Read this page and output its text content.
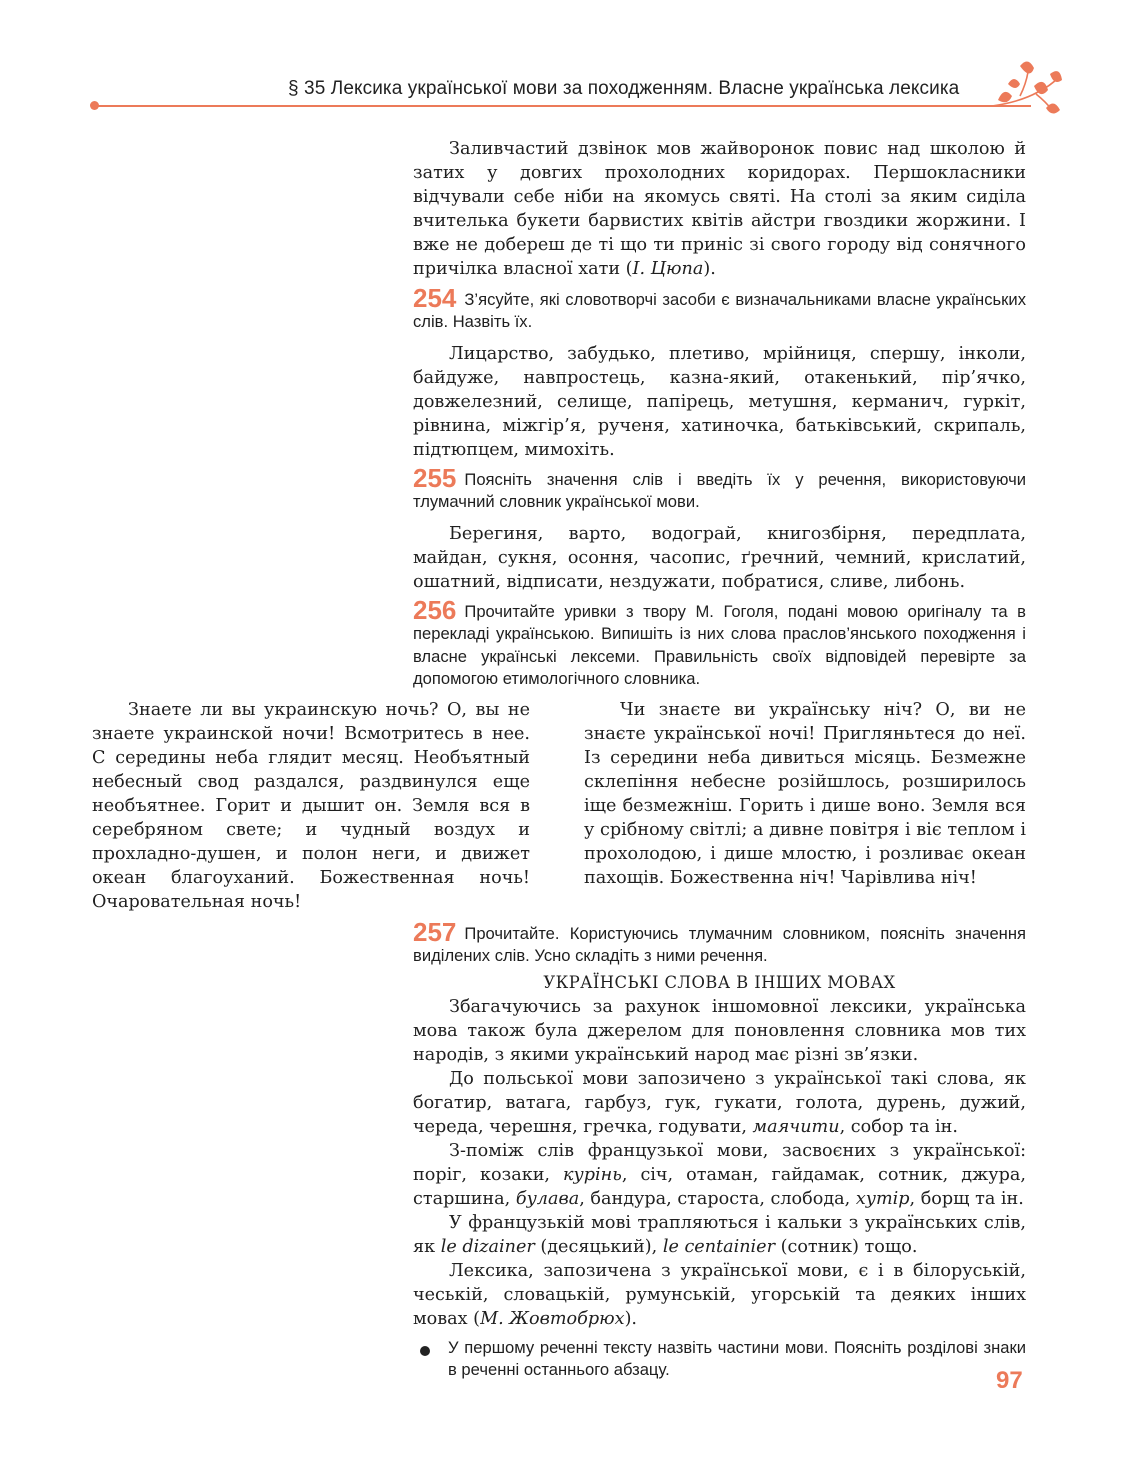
§ 35 Лексика української мови за походженням. Власне українська лексика

Заливчастий дзвінок мов жайворонок повис над школою й затих у довгих прохолодних коридорах. Першокласники відчували себе ніби на якомусь святі. На столі за яким сиділа вчителька букети барвистих квітів айстри гвоздики жоржини. І вже не добереш де ті що ти приніс зі свого городу від сонячного причілка власної хати (І. Цюпа).

254 З’ясуйте, які словотворчі засоби є визначальниками власне українських слів. Назвіть їх.

Лицарство, забудько, плетиво, мрійниця, спершу, інколи, байдуже, навпростець, казна-який, отакенький, пір’ячко, довжелезний, селище, папірець, метушня, керманич, гуркіт, рівнина, міжгір’я, рученя, хатиночка, батьківський, скрипаль, підтюпцем, мимохіть.

255 Поясніть значення слів і введіть їх у речення, використовуючи тлумачний словник української мови.

Берегиня, варто, водограй, книгозбірня, передплата, майдан, сукня, осоння, часопис, ґречний, чемний, крислатий, ошатний, відписати, нездужати, побратися, сливе, либонь.

256 Прочитайте уривки з твору М. Гоголя, подані мовою оригіналу та в перекладі українською. Випишіть із них слова праслов’янського походження і власне українські лексеми. Правильність своїх відповідей перевірте за допомогою етимологічного словника.

Знаете ли вы украинскую ночь? О, вы не знаете украинской ночи! Всмотритесь в нее. С середины неба глядит месяц. Необъятный небесный свод раздался, раздвинулся еще необъятнее. Горит и дышит он. Земля вся в серебряном свете; и чудный воздух и прохладно-душен, и полон неги, и движет океан благоуханий. Божественная ночь! Очаровательная ночь!

Чи знаєте ви українську ніч? О, ви не знаєте української ночі! Пригляньтеся до неї. Із середини неба дивиться місяць. Безмежне склепіння небесне розійшлось, розширилось іще безмежніш. Горить і дише воно. Земля вся у срібному світлі; а дивне повітря і віє теплом і прохолодою, і дише млостю, і розливає океан пахощів. Божественна ніч! Чарівлива ніч!

257 Прочитайте. Користуючись тлумачним словником, поясніть значення виділених слів. Усно складіть з ними речення.

УКРАЇНСЬКІ СЛОВА В ІНШИХ МОВАХ

Збагачуючись за рахунок іншомовної лексики, українська мова також була джерелом для поновлення словника мов тих народів, з якими український народ має різні зв’язки.

До польської мови запозичено з української такі слова, як богатир, ватага, гарбуз, гук, гукати, голота, дурень, дужий, череда, черешня, гречка, годувати, маячити, собор та ін.

З-поміж слів французької мови, засвоєних з української: поріг, козаки, курінь, січ, отаман, гайдамак, сотник, джура, старшина, булава, бандура, староста, слобода, хутір, борщ та ін.

У французькій мові трапляються і кальки з українських слів, як le dizainer (десяцький), le centainier (сотник) тощо.

Лексика, запозичена з української мови, є і в білоруській, чеській, словацькій, румунській, угорській та деяких інших мовах (М. Жовтобрюх).

У першому реченні тексту назвіть частини мови. Поясніть розділові знаки в реченні останнього абзацу.	97
